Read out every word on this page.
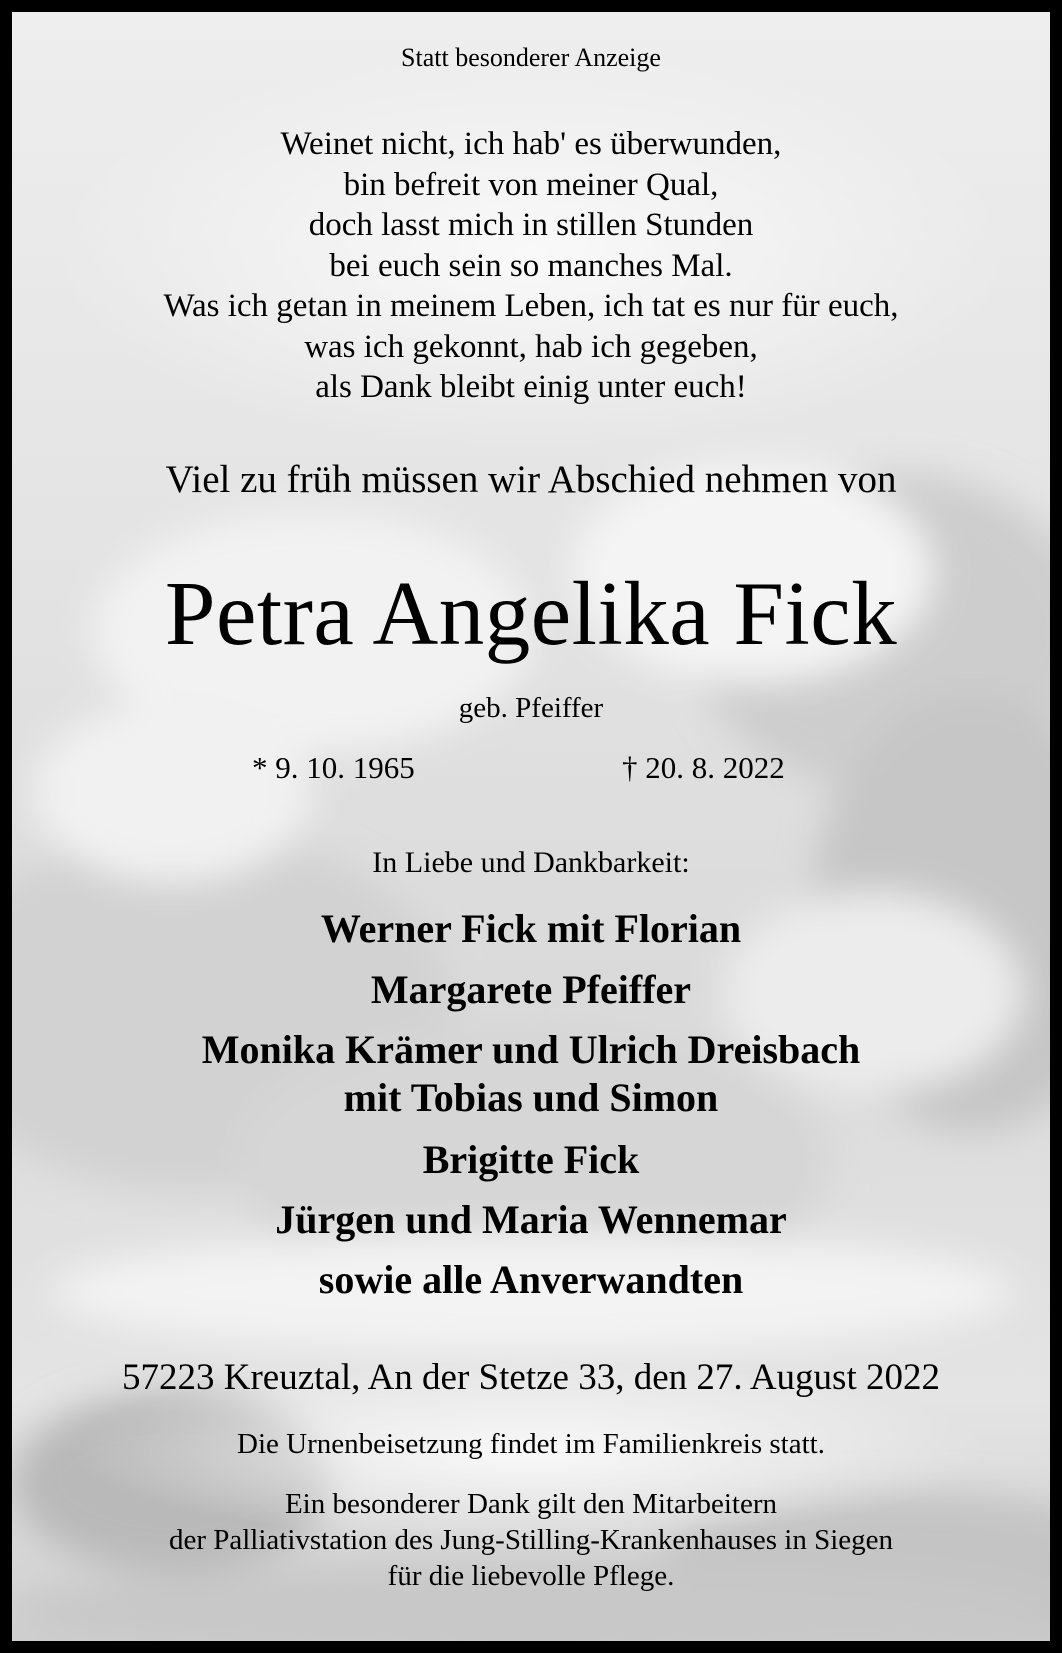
Statt besonderer Anzeige
Weinet nicht, ich hab' es überwunden,
bin befreit von meiner Qual,
doch lasst mich in stillen Stunden
bei euch sein so manches Mal.
Was ich getan in meinem Leben, ich tat es nur für euch,
was ich gekonnt, hab ich gegeben,
als Dank bleibt einig unter euch!
Viel zu früh müssen wir Abschied nehmen von
Petra Angelika Fick
geb. Pfeiffer
* 9. 10. 1965	† 20. 8. 2022
In Liebe und Dankbarkeit:
Werner Fick mit Florian
Margarete Pfeiffer
Monika Krämer und Ulrich Dreisbach
mit Tobias und Simon
Brigitte Fick
Jürgen und Maria Wennemar
sowie alle Anverwandten
57223 Kreuztal, An der Stetze 33, den 27. August 2022
Die Urnenbeisetzung findet im Familienkreis statt.
Ein besonderer Dank gilt den Mitarbeitern
der Palliativstation des Jung-Stilling-Krankenhauses in Siegen
für die liebevolle Pflege.
